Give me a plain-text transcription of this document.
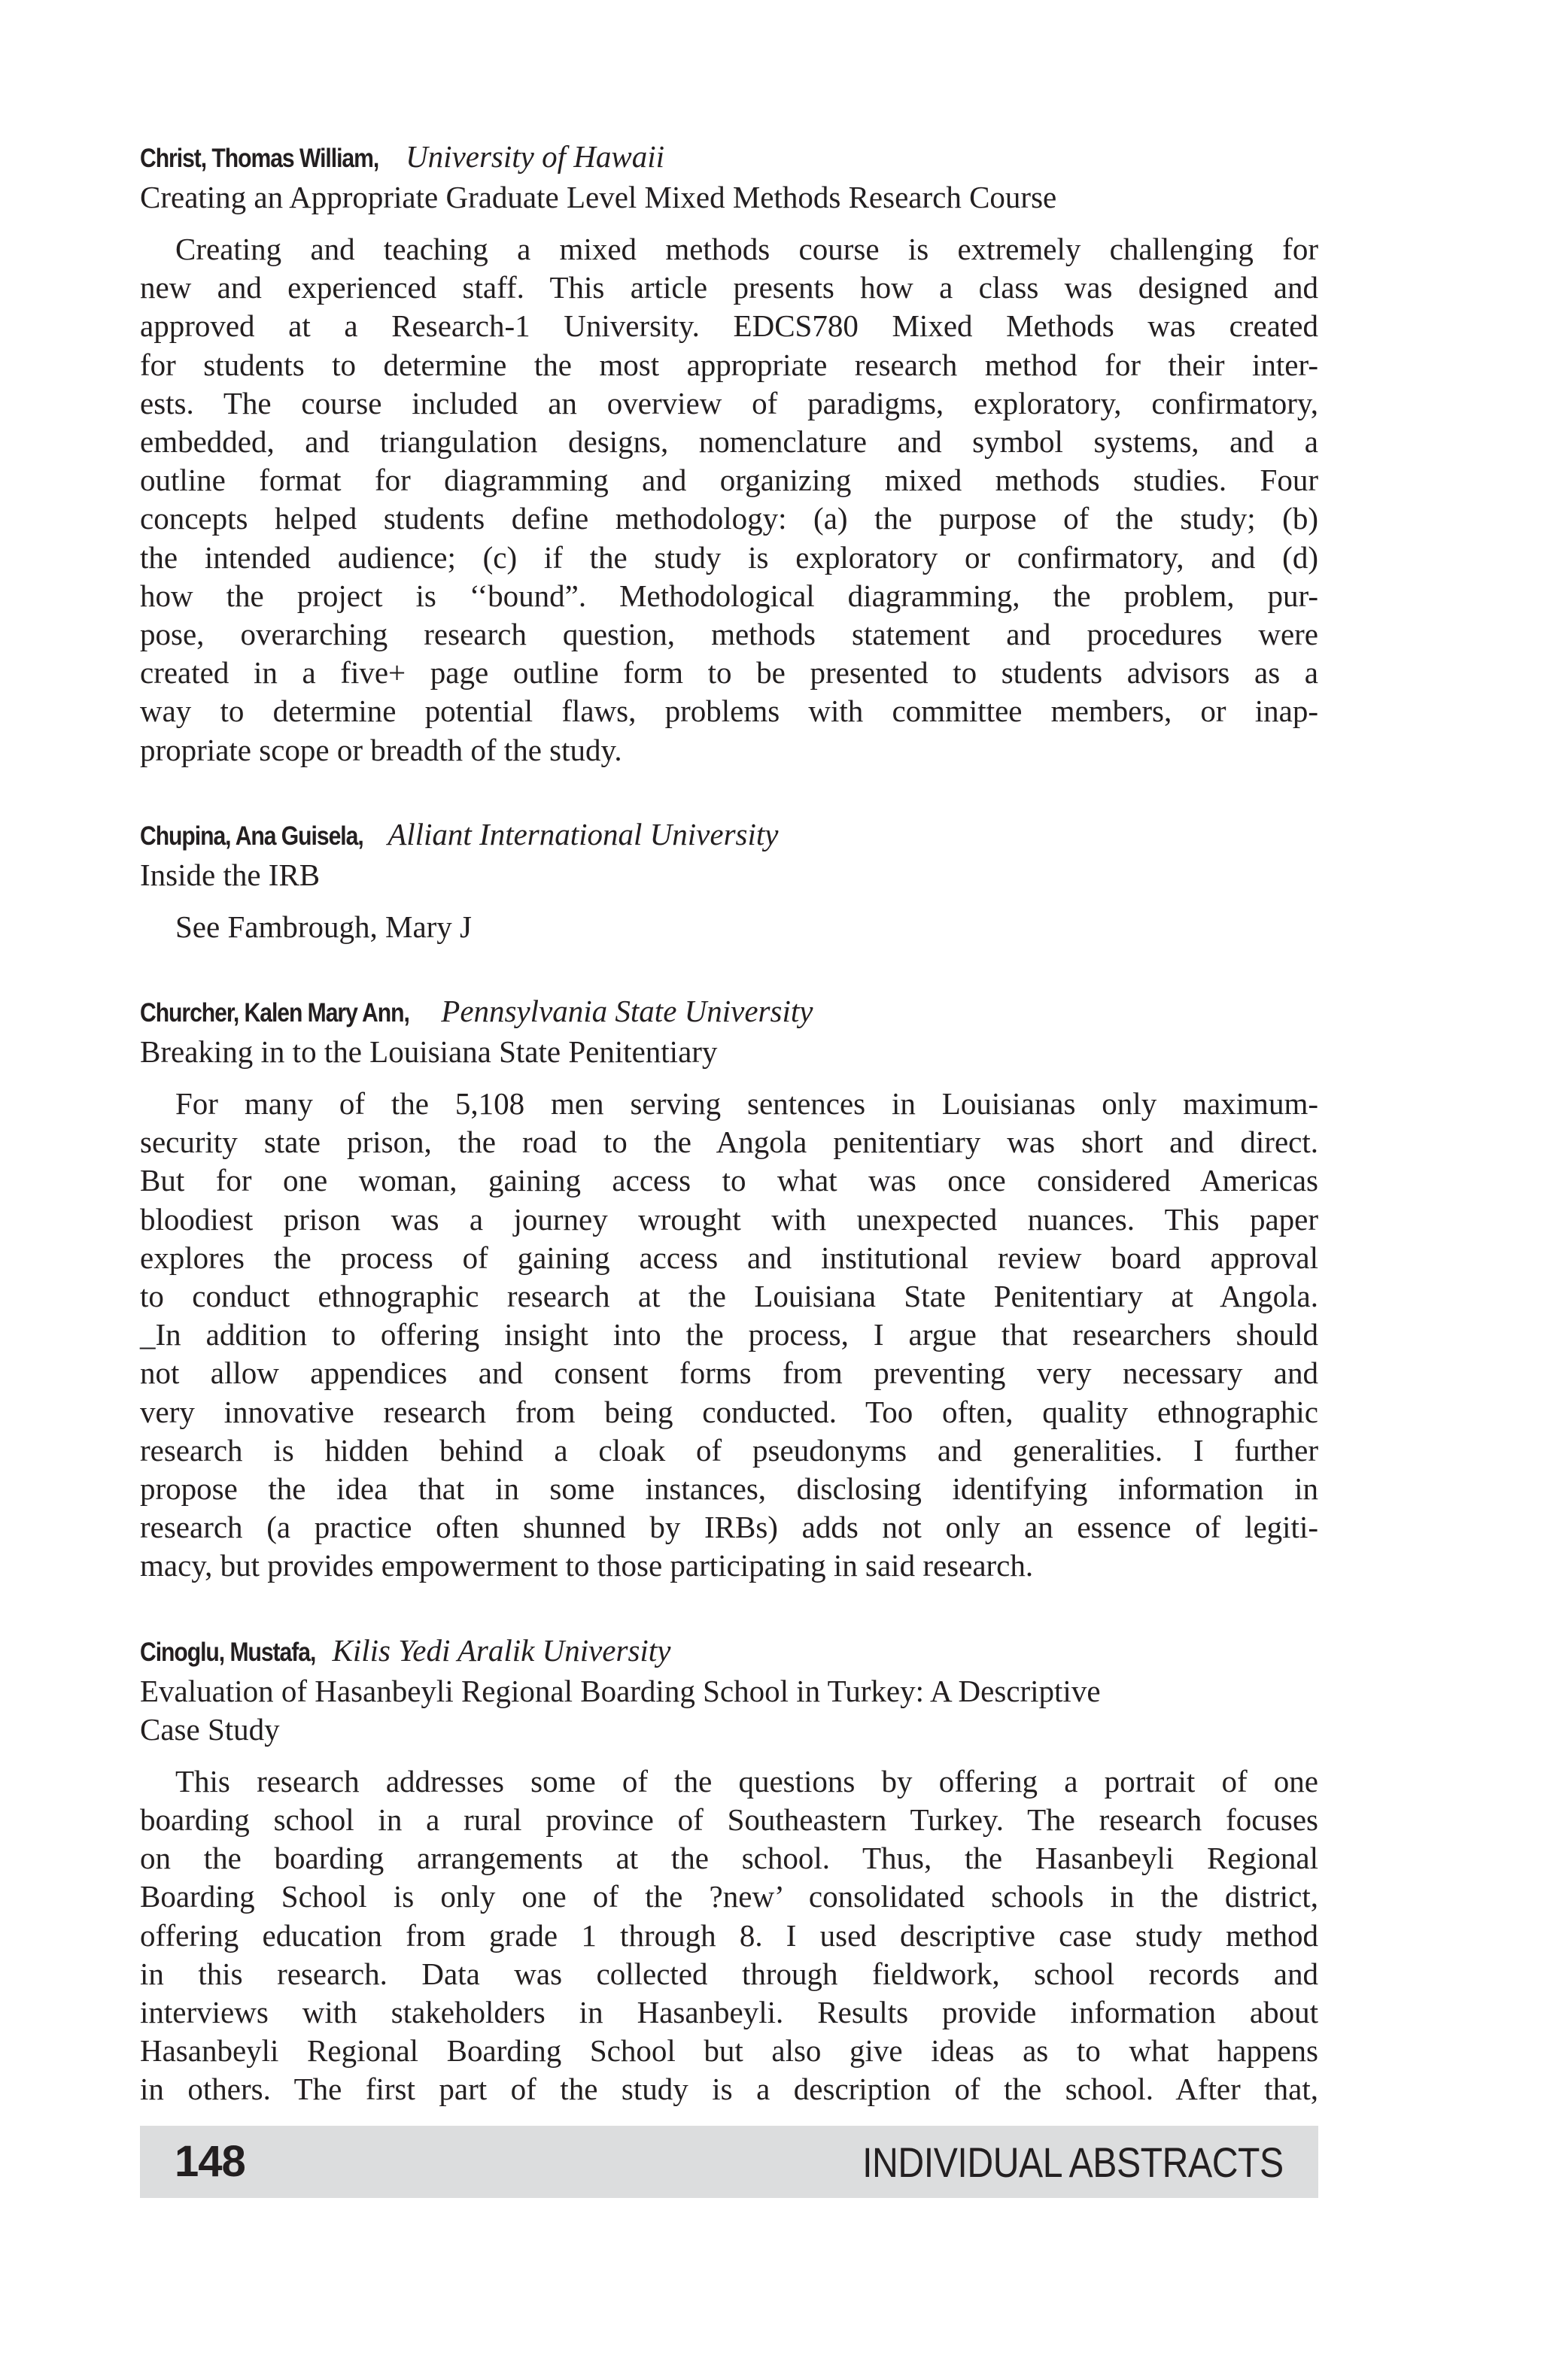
Christ, Thomas William, University of Hawaii
Creating an Appropriate Graduate Level Mixed Methods Research Course
Creating and teaching a mixed methods course is extremely challenging for
new and experienced staff. This article presents how a class was designed and
approved at a Research-1 University. EDCS780 Mixed Methods was created
for students to determine the most appropriate research method for their inter-
ests. The course included an overview of paradigms, exploratory, confirmatory,
embedded, and triangulation designs, nomenclature and symbol systems, and a
outline format for diagramming and organizing mixed methods studies. Four
concepts helped students define methodology: (a) the purpose of the study; (b)
the intended audience; (c) if the study is exploratory or confirmatory, and (d)
how the project is ‘‘bound”. Methodological diagramming, the problem, pur-
pose, overarching research question, methods statement and procedures were
created in a five+ page outline form to be presented to students advisors as a
way to determine potential flaws, problems with committee members, or inap-
propriate scope or breadth of the study.
Chupina, Ana Guisela, Alliant International University
Inside the IRB
See Fambrough, Mary J
Churcher, Kalen Mary Ann, Pennsylvania State University
Breaking in to the Louisiana State Penitentiary
For many of the 5,108 men serving sentences in Louisianas only maximum-
security state prison, the road to the Angola penitentiary was short and direct.
But for one woman, gaining access to what was once considered Americas
bloodiest prison was a journey wrought with unexpected nuances. This paper
explores the process of gaining access and institutional review board approval
to conduct ethnographic research at the Louisiana State Penitentiary at Angola.
_In addition to offering insight into the process, I argue that researchers should
not allow appendices and consent forms from preventing very necessary and
very innovative research from being conducted. Too often, quality ethnographic
research is hidden behind a cloak of pseudonyms and generalities. I further
propose the idea that in some instances, disclosing identifying information in
research (a practice often shunned by IRBs) adds not only an essence of legiti-
macy, but provides empowerment to those participating in said research.
Cinoglu, Mustafa, Kilis Yedi Aralik University
Evaluation of Hasanbeyli Regional Boarding School in Turkey: A Descriptive
Case Study
This research addresses some of the questions by offering a portrait of one
boarding school in a rural province of Southeastern Turkey. The research focuses
on the boarding arrangements at the school. Thus, the Hasanbeyli Regional
Boarding School is only one of the ?new’ consolidated schools in the district,
offering education from grade 1 through 8. I used descriptive case study method
in this research. Data was collected through fieldwork, school records and
interviews with stakeholders in Hasanbeyli. Results provide information about
Hasanbeyli Regional Boarding School but also give ideas as to what happens
in others. The first part of the study is a description of the school. After that,
148	INDIVIDUAL ABSTRACTS
